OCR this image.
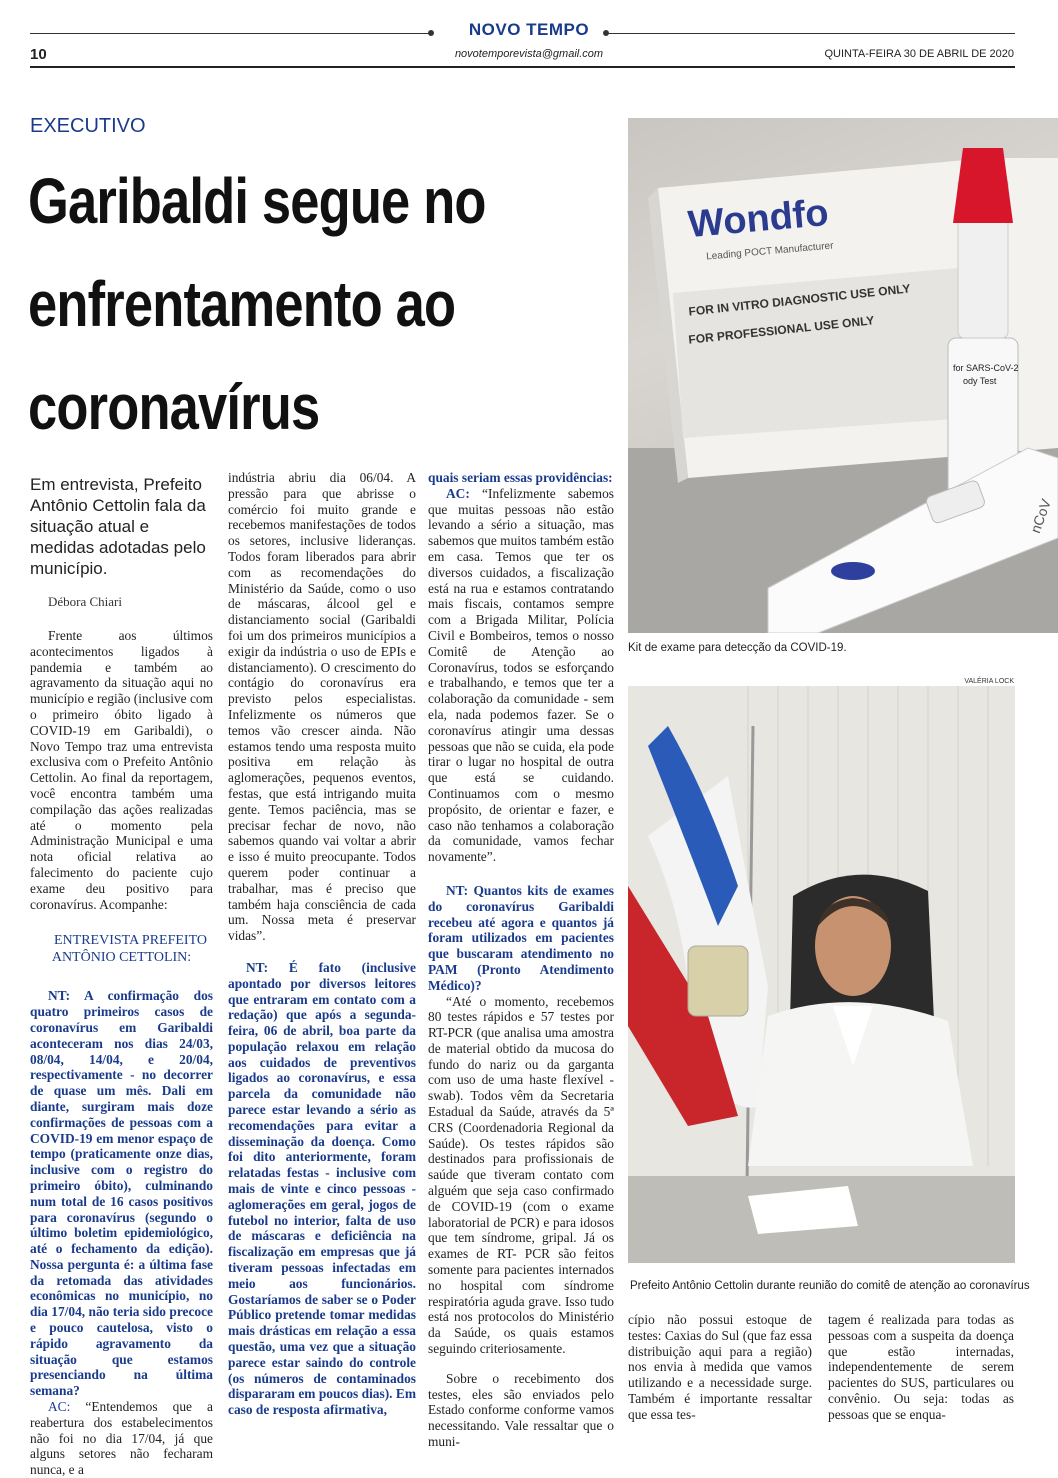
NOVO TEMPO
novotemporevista@gmail.com
10	QUINTA-FEIRA 30 DE ABRIL DE 2020
EXECUTIVO
Garibaldi segue no enfrentamento ao coronavírus
Em entrevista, Prefeito Antônio Cettolin fala da situação atual e medidas adotadas pelo município.
Débora Chiari

Frente aos últimos acontecimentos ligados à pandemia e também ao agravamento da situação aqui no município e região (inclusive com o primeiro óbito ligado à COVID-19 em Garibaldi), o Novo Tempo traz uma entrevista exclusiva com o Prefeito Antônio Cettolin. Ao final da reportagem, você encontra também uma compilação das ações realizadas até o momento pela Administração Municipal e uma nota oficial relativa ao falecimento do paciente cujo exame deu positivo para coronavírus. Acompanhe:

ENTREVISTA PREFEITO ANTÔNIO CETTOLIN:

NT: A confirmação dos quatro primeiros casos de coronavírus em Garibaldi aconteceram nos dias 24/03, 08/04, 14/04, e 20/04, respectivamente - no decorrer de quase um mês. Dali em diante, surgiram mais doze confirmações de pessoas com a COVID-19 em menor espaço de tempo (praticamente onze dias, inclusive com o registro do primeiro óbito), culminando num total de 16 casos positivos para coronavírus (segundo o último boletim epidemiológico, até o fechamento da edição). Nossa pergunta é: a última fase da retomada das atividades econômicas no município, no dia 17/04, não teria sido precoce e pouco cautelosa, visto o rápido agravamento da situação que estamos presenciando na última semana?

AC: “Entendemos que a reabertura dos estabelecimentos não foi no dia 17/04, já que alguns setores não fecharam nunca, e a

indústria abriu dia 06/04. A pressão para que abrisse o comércio foi muito grande e recebemos manifestações de todos os setores, inclusive lideranças. Todos foram liberados para abrir com as recomendações do Ministério da Saúde, como o uso de máscaras, álcool gel e distanciamento social (Garibaldi foi um dos primeiros municípios a exigir da indústria o uso de EPIs e distanciamento). O crescimento do contágio do coronavírus era previsto pelos especialistas. Infelizmente os números que temos vão crescer ainda. Não estamos tendo uma resposta muito positiva em relação às aglomerações, pequenos eventos, festas, que está intrigando muita gente. Temos paciência, mas se precisar fechar de novo, não sabemos quando vai voltar a abrir e isso é muito preocupante. Todos querem poder continuar a trabalhar, mas é preciso que também haja consciência de cada um. Nossa meta é preservar vidas”.

NT: É fato (inclusive apontado por diversos leitores que entraram em contato com a redação) que após a segunda-feira, 06 de abril, boa parte da população relaxou em relação aos cuidados de preventivos ligados ao coronavírus, e essa parcela da comunidade não parece estar levando a sério as recomendações para evitar a disseminação da doença. Como foi dito anteriormente, foram relatadas festas - inclusive com mais de vinte e cinco pessoas - aglomerações em geral, jogos de futebol no interior, falta de uso de máscaras e deficiência na fiscalização em empresas que já tiveram pessoas infectadas em meio aos funcionários. Gostaríamos de saber se o Poder Público pretende tomar medidas mais drásticas em relação a essa questão, uma vez que a situação parece estar saindo do controle (os números de contaminados dispararam em poucos dias). Em caso de resposta afirmativa,

quais seriam essas providências:

AC: “Infelizmente sabemos que muitas pessoas não estão levando a sério a situação, mas sabemos que muitos também estão em casa. Temos que ter os diversos cuidados, a fiscalização está na rua e estamos contratando mais fiscais, contamos sempre com a Brigada Militar, Polícia Civil e Bombeiros, temos o nosso Comitê de Atenção ao Coronavírus, todos se esforçando e trabalhando, e temos que ter a colaboração da comunidade - sem ela, nada podemos fazer. Se o coronavírus atingir uma dessas pessoas que não se cuida, ela pode tirar o lugar no hospital de outra que está se cuidando. Continuamos com o mesmo propósito, de orientar e fazer, e caso não tenhamos a colaboração da comunidade, vamos fechar novamente”.

NT: Quantos kits de exames do coronavírus Garibaldi recebeu até agora e quantos já foram utilizados em pacientes que buscaram atendimento no PAM (Pronto Atendimento Médico)?

“Até o momento, recebemos 80 testes rápidos e 57 testes por RT-PCR (que analisa uma amostra de material obtido da mucosa do fundo do nariz ou da garganta com uso de uma haste flexível - swab). Todos vêm da Secretaria Estadual da Saúde, através da 5ª CRS (Coordenadoria Regional da Saúde). Os testes rápidos são destinados para profissionais de saúde que tiveram contato com alguém que seja caso confirmado de COVID-19 (com o exame laboratorial de PCR) e para idosos que tem síndrome, gripal. Já os exames de RT- PCR são feitos somente para pacientes internados no hospital com síndrome respiratória aguda grave. Isso tudo está nos protocolos do Ministério da Saúde, os quais estamos seguindo criteriosamente.

Sobre o recebimento dos testes, eles são enviados pelo Estado conforme conforme vamos necessitando. Vale ressaltar que o muni-

cípio não possui estoque de testes: Caxias do Sul (que faz essa distribuição aqui para a região) nos envia à medida que vamos utilizando e a necessidade surge. Também é importante ressaltar que essa tes-

tagem é realizada para todas as pessoas com a suspeita da doença que estão internadas, independentemente de serem pacientes do SUS, particulares ou convênio. Ou seja: todas as pessoas que se enqua-

Wondfo
Leading POCT Manufacturer
FOR IN VITRO DIAGNOSTIC USE ONLY
FOR PROFESSIONAL USE ONLY
for SARS-CoV-2
ody Test
nCoV
Kit de exame para detecção da COVID-19.
VALÉRIA LOCK
Prefeito Antônio Cettolin durante reunião do comitê de atenção ao coronavírus
